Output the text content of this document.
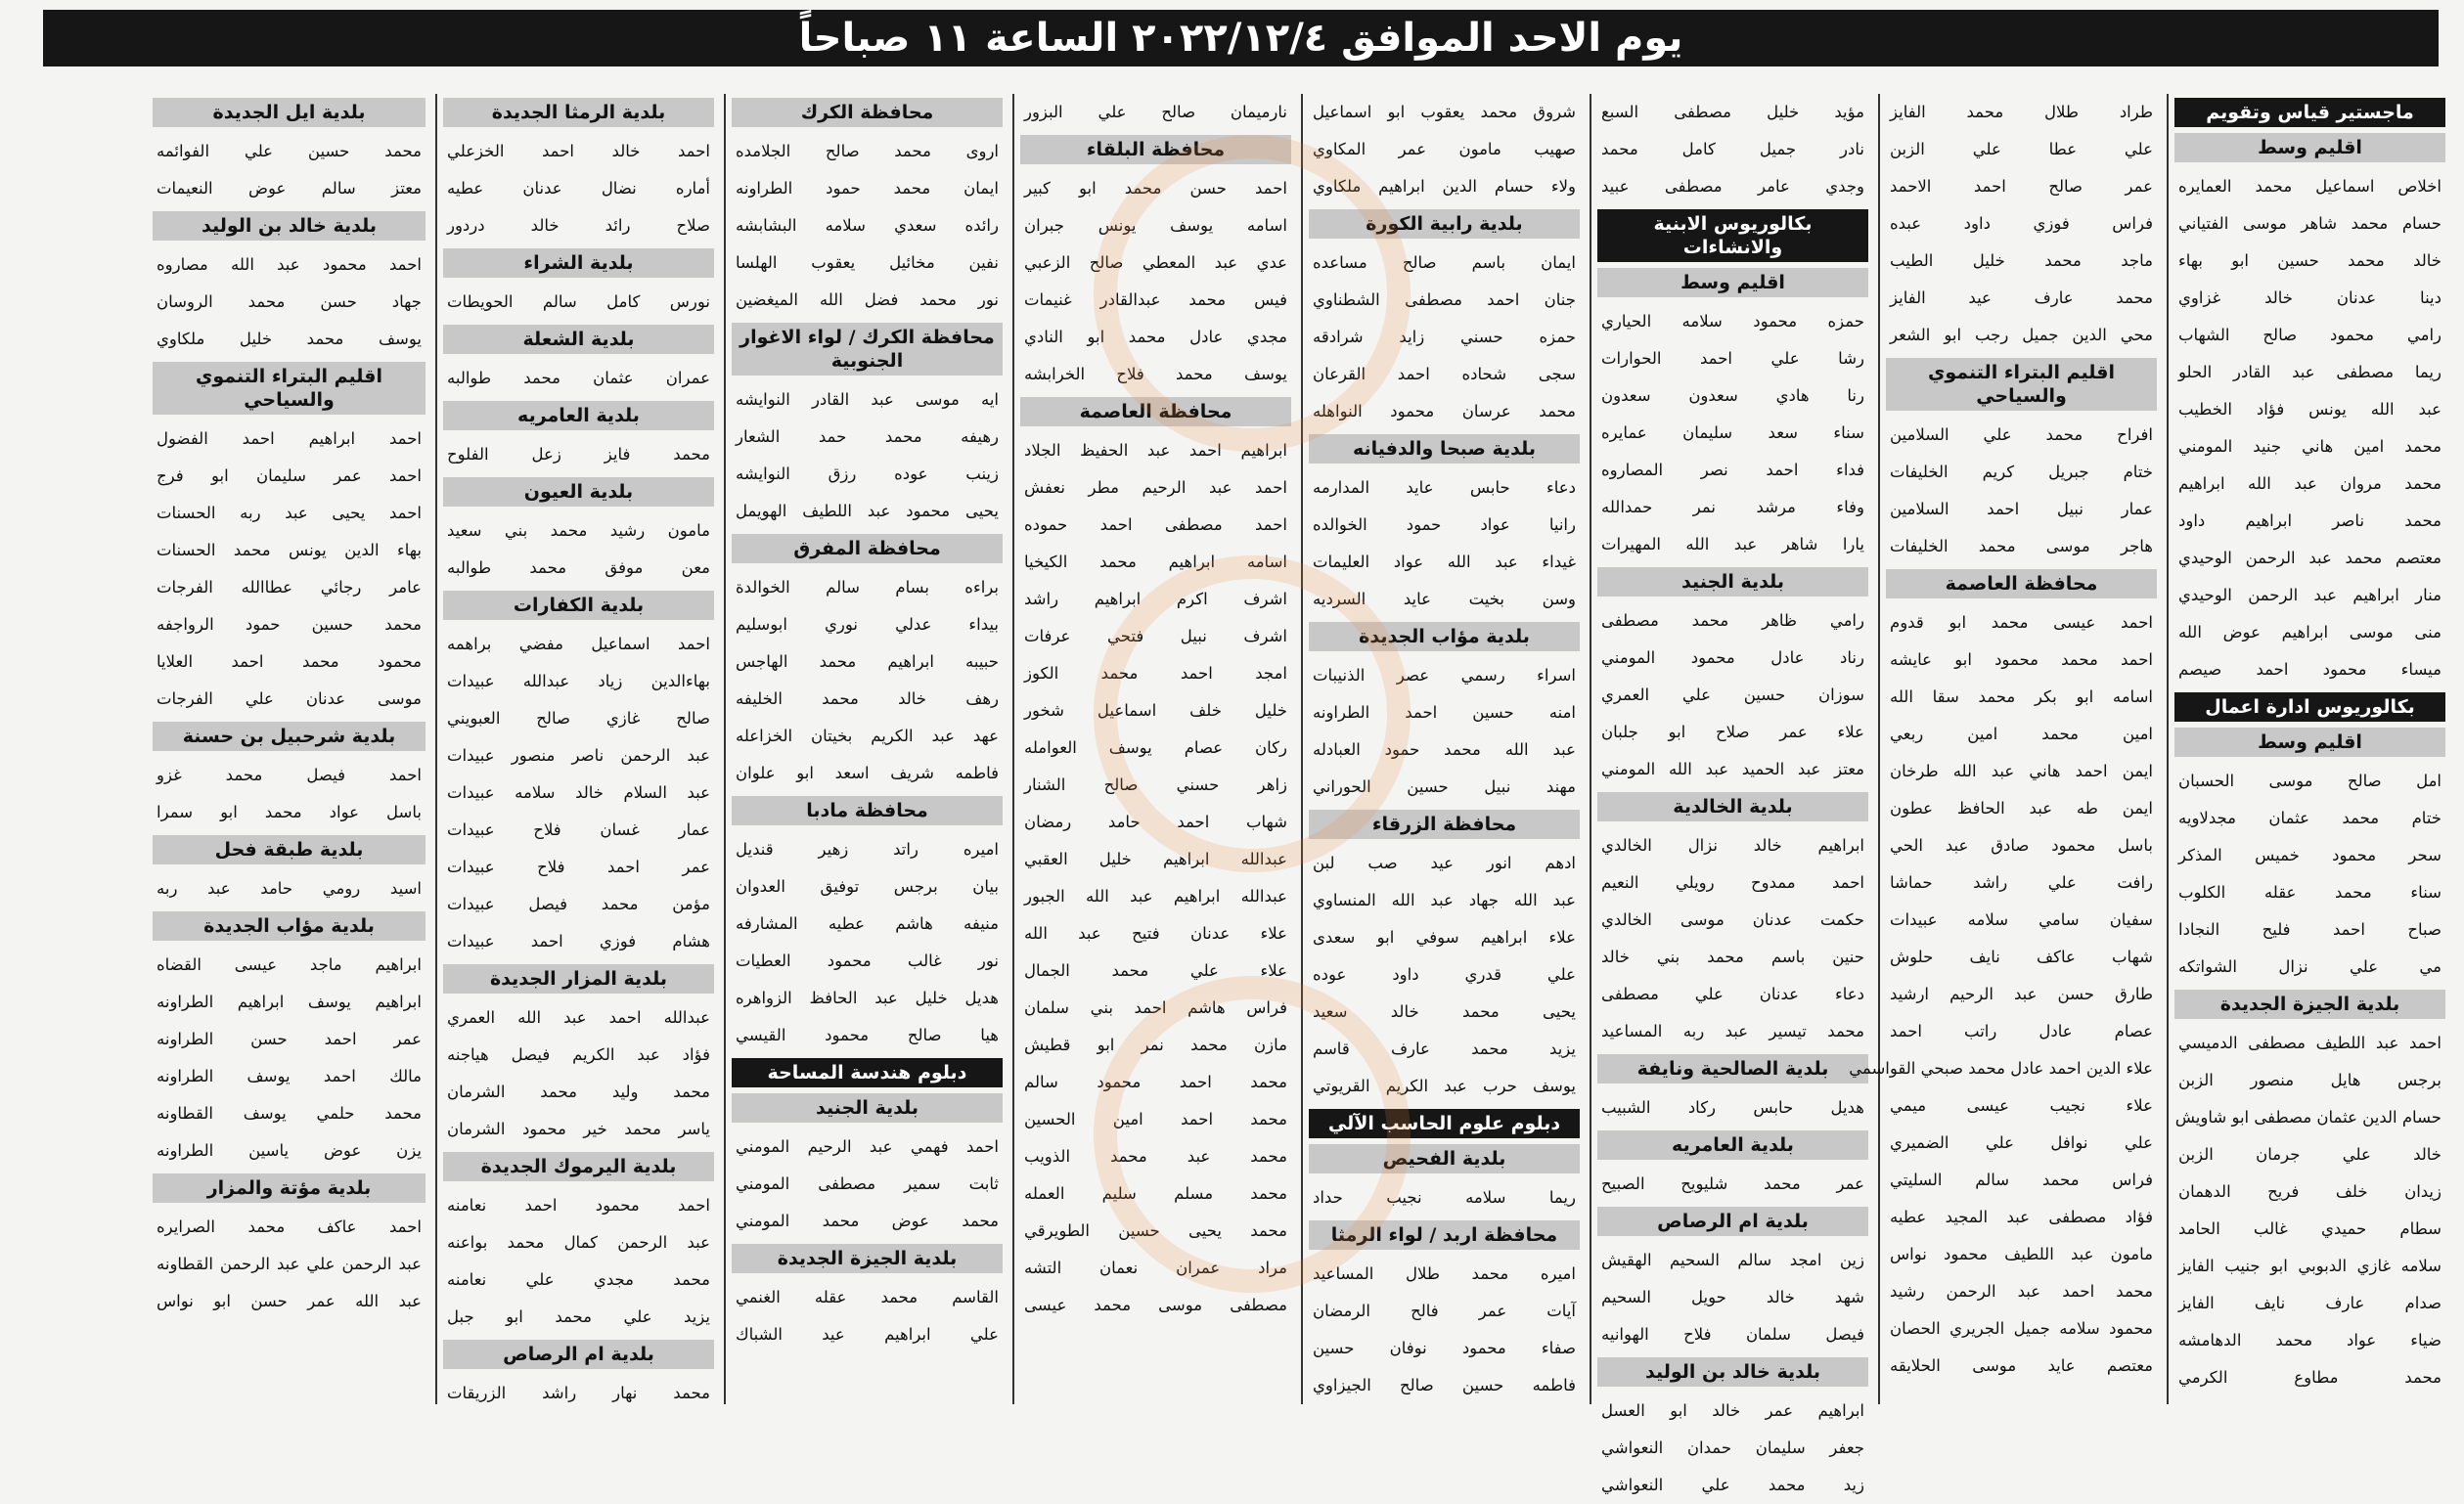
يوم الاحد الموافق ٢٠٢٢/١٢/٤ الساعة ١١ صباحاً
ماجستير قياس وتقويم
اقليم وسط
اخلاص اسماعيل محمد العمايره
حسام محمد شاهر موسى الفتياني
خالد محمد حسين ابو بهاء
دينا عدنان خالد غزاوي
رامي محمود صالح الشهاب
ريما مصطفى عبد القادر الحلو
عبد الله يونس فؤاد الخطيب
محمد امين هاني جنيد المومني
محمد مروان عبد الله ابراهيم
محمد ناصر ابراهيم داود
معتصم محمد عبد الرحمن الوحيدي
منار ابراهيم عبد الرحمن الوحيدي
منى موسى ابراهيم عوض الله
ميساء محمود احمد صيصم
بكالوريوس ادارة اعمال
اقليم وسط
امل صالح موسى الحسبان
ختام محمد عثمان مجدلاويه
سحر محمود خميس المذكر
سناء محمد عقله الكلوب
صباح احمد فليح النجادا
مي علي نزال الشواتكه
بلدية الجيزة الجديدة
احمد عبد اللطيف مصطفى الدميسي
برجس هايل منصور الزبن
حسام الدين عثمان مصطفى ابو شاويش
خالد علي جرمان الزبن
زيدان خلف فريح الدهمان
سطام حميدي غالب الحامد
سلامه غازي الدبوبي ابو جنيب الفايز
صدام عارف نايف الفايز
ضياء عواد محمد الدهامشه
محمد مطاوع الكرمي
طراد طلال محمد الفايز
علي عطا علي الزبن
عمر صالح احمد الاحمد
فراس فوزي داود عبده
ماجد محمد خليل الطيب
محمد عارف عيد الفايز
محي الدين جميل رجب ابو الشعر
اقليم البتراء التنموي والسياحي
افراح محمد علي السلامين
ختام جبريل كريم الخليفات
عمار نبيل احمد السلامين
هاجر موسى محمد الخليفات
محافظة العاصمة
احمد عيسى محمد ابو قدوم
احمد محمد محمود ابو عايشه
اسامه ابو بكر محمد سقا الله
امين محمد امين ربعي
ايمن احمد هاني عبد الله طرخان
ايمن طه عبد الحافظ عطون
باسل محمود صادق عبد الحي
رافت علي راشد حماشا
سفيان سامي سلامه عبيدات
شهاب عاكف نايف حلوش
طارق حسن عبد الرحيم ارشيد
عصام عادل راتب احمد
علاء الدين احمد عادل محمد صبحي القواسمي
علاء نجيب عيسى ميمي
علي نوافل علي الضميري
فراس محمد سالم السليتي
فؤاد مصطفى عبد المجيد عطيه
مامون عبد اللطيف محمود نواس
محمد احمد عبد الرحمن رشيد
محمود سلامه جميل الجريري الحصان
معتصم عايد موسى الحلايقه
مؤيد خليل مصطفى السبع
نادر جميل كامل محمد
وجدي عامر مصطفى عبيد
بكالوريوس الابنية والانشاءات
اقليم وسط
حمزه محمود سلامه الحياري
رشا علي احمد الحوارات
رنا هادي سعدون سعدون
سناء سعد سليمان عمايره
فداء احمد نصر المصاروه
وفاء مرشد نمر حمدالله
يارا شاهر عبد الله المهيرات
بلدية الجنيد
رامي ظاهر محمد مصطفى
رناد عادل محمود المومني
سوزان حسين علي العمري
علاء عمر صلاح ابو جلبان
معتز عبد الحميد عبد الله المومني
بلدية الخالدية
ابراهيم خالد نزال الخالدي
احمد ممدوح رويلي النعيم
حكمت عدنان موسى الخالدي
حنين باسم محمد بني خالد
دعاء عدنان علي مصطفى
محمد تيسير عبد ربه المساعيد
بلدية الصالحية ونايفة
هديل حابس ركاد الشبيب
بلدية العامريه
عمر محمد شليويح الصبيح
بلدية ام الرصاص
زين امجد سالم السحيم الهقيش
شهد خالد حويل السحيم
فيصل سلمان فلاح الهوانيه
بلدية خالد بن الوليد
ابراهيم عمر خالد ابو العسل
جعفر سليمان حمدان النعواشي
زيد محمد علي النعواشي
شروق محمد يعقوب ابو اسماعيل
صهيب مامون عمر المكاوي
ولاء حسام الدين ابراهيم ملكاوي
بلدية رابية الكورة
ايمان باسم صالح مساعده
جنان احمد مصطفى الشطناوي
حمزه حسني زايد شرادقه
سجى شحاده احمد القرعان
محمد عرسان محمود النواهله
بلدية صبحا والدفيانه
دعاء حابس عايد المدارمه
رانيا عواد حمود الخوالده
غيداء عبد الله عواد العليمات
وسن بخيت عايد السرديه
بلدية مؤاب الجديدة
اسراء رسمي عصر الذنيبات
امنه حسين احمد الطراونه
عبد الله محمد حمود العبادله
مهند نبيل حسين الحوراني
محافظة الزرقاء
ادهم انور عيد صب لبن
عبد الله جهاد عبد الله المنساوي
علاء ابراهيم سوفي ابو سعدى
علي قدري داود عوده
يحيى محمد خالد سعيد
يزيد محمد عارف قاسم
يوسف حرب عبد الكريم القريوتي
دبلوم علوم الحاسب الآلي
بلدية الفحيص
ريما سلامه نجيب حداد
محافظة اربد / لواء الرمثا
اميره محمد طلال المساعيد
آيات عمر فالح الرمضان
صفاء محمود نوفان حسين
فاطمه حسين صالح الجيزاوي
نارميمان صالح علي البزور
محافظة البلقاء
احمد حسن محمد ابو كبير
اسامه يوسف يونس جبران
عدي عبد المعطي صالح الزعبي
فيس محمد عبدالقادر غنيمات
مجدي عادل محمد ابو النادي
يوسف محمد فلاح الخرابشه
محافظة العاصمة
ابراهيم احمد عبد الحفيظ الجلاد
احمد عبد الرحيم مطر نعفش
احمد مصطفى احمد حموده
اسامه ابراهيم محمد الكيخيا
اشرف اكرم ابراهيم راشد
اشرف نبيل فتحي عرفات
امجد احمد محمد الكوز
خليل خلف اسماعيل شخور
ركان عصام يوسف العوامله
زاهر حسني صالح الشنار
شهاب احمد حامد رمضان
عبدالله ابراهيم خليل العقبي
عبدالله ابراهيم عبد الله الجبور
علاء عدنان فتيح عبد الله
علاء علي محمد الجمال
فراس هاشم احمد بني سلمان
مازن محمد نمر ابو قطيش
محمد احمد محمود سالم
محمد احمد امين الحسين
محمد عبد محمد الذويب
محمد مسلم سليم العمله
محمد يحيى حسين الطويرقي
مراد عمران نعمان التشه
مصطفى موسى محمد عيسى
محافظة الكرك
اروى محمد صالح الجلامده
ايمان محمد حمود الطراونه
رائده سعدي سلامه البشابشه
نفين مخائيل يعقوب الهلسا
نور محمد فضل الله الميغضين
محافظة الكرك / لواء الاغوار الجنوبية
ايه موسى عبد القادر النوايشه
رهيفه محمد حمد الشعار
زينب عوده رزق النوايشه
يحيى محمود عبد اللطيف الهويمل
محافظة المفرق
براءه بسام سالم الخوالدة
بيداء عدلي نوري ابوسليم
حبيبه ابراهيم محمد الهاجس
رهف خالد محمد الخليفه
عهد عبد الكريم بخيتان الخزاعله
فاطمه شريف اسعد ابو علوان
محافظة مادبا
اميره راتد زهير قنديل
بيان برجس توفيق العدوان
منيفه هاشم عطيه المشارفه
نور غالب محمود العطيات
هديل خليل عبد الحافظ الزواهره
هيا صالح محمود القيسي
دبلوم هندسة المساحة
بلدية الجنيد
احمد فهمي عبد الرحيم المومني
ثابت سمير مصطفى المومني
محمد عوض محمد المومني
بلدية الجيزة الجديدة
القاسم محمد عقله الغنمي
علي ابراهيم عيد الشباك
بلدية الرمثا الجديدة
احمد خالد احمد الخزعلي
أماره نضال عدنان عطيه
صلاح رائد خالد دردور
بلدية الشراء
نورس كامل سالم الحويطات
بلدية الشعلة
عمران عثمان محمد طوالبه
بلدية العامريه
محمد فايز زعل الفلوح
بلدية العيون
مامون رشيد محمد بني سعيد
معن موفق محمد طوالبه
بلدية الكفارات
احمد اسماعيل مفضي براهمه
بهاءالدين زياد عبدالله عبيدات
صالح غازي صالح العبويني
عبد الرحمن ناصر منصور عبيدات
عبد السلام خالد سلامه عبيدات
عمار غسان فلاح عبيدات
عمر احمد فلاح عبيدات
مؤمن محمد فيصل عبيدات
هشام فوزي احمد عبيدات
بلدية المزار الجديدة
عبدالله احمد عبد الله العمري
فؤاد عبد الكريم فيصل هياجنه
محمد وليد محمد الشرمان
ياسر محمد خير محمود الشرمان
بلدية اليرموك الجديدة
احمد محمود احمد نعامنه
عبد الرحمن كمال محمد بواعنه
محمد مجدي علي نعامنه
يزيد علي محمد ابو جبل
بلدية ام الرصاص
محمد نهار راشد الزريقات
بلدية ايل الجديدة
محمد حسين علي الفوائمه
معتز سالم عوض النعيمات
بلدية خالد بن الوليد
احمد محمود عبد الله مصاروه
جهاد حسن محمد الروسان
يوسف محمد خليل ملكاوي
اقليم البتراء التنموي والسياحي
احمد ابراهيم احمد الفضول
احمد عمر سليمان ابو فرج
احمد يحيى عبد ربه الحسنات
بهاء الدين يونس محمد الحسنات
عامر رجائي عطاالله الفرجات
محمد حسين حمود الرواجفه
محمود محمد احمد العلايا
موسى عدنان علي الفرجات
بلدية شرحبيل بن حسنة
احمد فيصل محمد غزو
باسل عواد محمد ابو سمرا
بلدية طبقة فحل
اسيد رومي حامد عبد ربه
بلدية مؤاب الجديدة
ابراهيم ماجد عيسى القضاه
ابراهيم يوسف ابراهيم الطراونه
عمر احمد حسن الطراونه
مالك احمد يوسف الطراونه
محمد حلمي يوسف القطاونه
يزن عوض ياسين الطراونه
بلدية مؤتة والمزار
احمد عاكف محمد الصرايره
عبد الرحمن علي عبد الرحمن القطاونه
عبد الله عمر حسن ابو نواس
